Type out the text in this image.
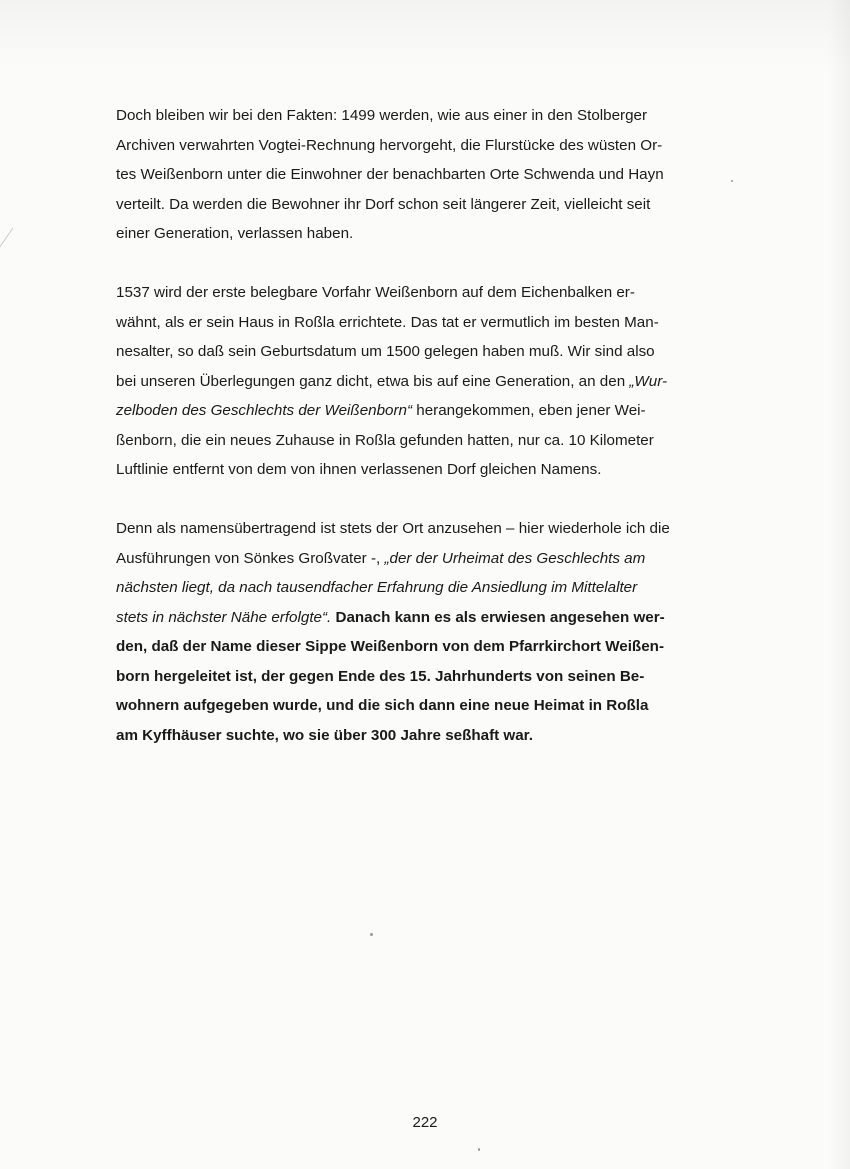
Doch bleiben wir bei den Fakten: 1499 werden, wie aus einer in den Stolberger
Archiven verwahrten Vogtei-Rechnung hervorgeht, die Flurstücke des wüsten Or-
tes Weißenborn unter die Einwohner der benachbarten Orte Schwenda und Hayn
verteilt. Da werden die Bewohner ihr Dorf schon seit längerer Zeit, vielleicht seit
einer Generation, verlassen haben.
1537 wird der erste belegbare Vorfahr Weißenborn auf dem Eichenbalken er-
wähnt, als er sein Haus in Roßla errichtete. Das tat er vermutlich im besten Man-
nesalter, so daß sein Geburtsdatum um 1500 gelegen haben muß. Wir sind also
bei unseren Überlegungen ganz dicht, etwa bis auf eine Generation, an den „Wur-
zelboden des Geschlechts der Weißenborn“ herangekommen, eben jener Wei-
ßenborn, die ein neues Zuhause in Roßla gefunden hatten, nur ca. 10 Kilometer
Luftlinie entfernt von dem von ihnen verlassenen Dorf gleichen Namens.
Denn als namensübertragend ist stets der Ort anzusehen – hier wiederhole ich die
Ausführungen von Sönkes Großvater -, „der der Urheimat des Geschlechts am
nächsten liegt, da nach tausendfacher Erfahrung die Ansiedlung im Mittelalter
stets in nächster Nähe erfolgte“. Danach kann es als erwiesen angesehen wer-
den, daß der Name dieser Sippe Weißenborn von dem Pfarrkirchort Weißen-
born hergeleitet ist, der gegen Ende des 15. Jahrhunderts von seinen Be-
wohnern aufgegeben wurde, und die sich dann eine neue Heimat in Roßla
am Kyffhäuser suchte, wo sie über 300 Jahre seßhaft war.
222
